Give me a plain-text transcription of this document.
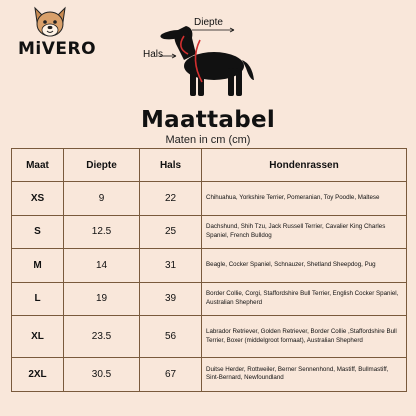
MiVERO
Diepte
Hals
Maattabel
Maten in cm (cm)
Maat	Diepte	Hals	Hondenrassen
XS	9	22	Chihuahua, Yorkshire Terrier, Pomeranian, Toy Poodle, Maltese
S	12.5	25	Dachshund, Shih Tzu, Jack Russell Terrier, Cavalier King Charles Spaniel, French Bulldog
M	14	31	Beagle, Cocker Spaniel, Schnauzer, Shetland Sheepdog, Pug
L	19	39	Border Collie, Corgi, Staffordshire Bull Terrier, English Cocker Spaniel, Australian Shepherd
XL	23.5	56	Labrador Retriever, Golden Retriever, Border Collie ,Staffordshire Bull Terrier, Boxer (middelgroot formaat), Australian Shepherd
2XL	30.5	67	Duitse Herder, Rottweiler, Berner Sennenhond, Mastiff, Bullmastiff, Sint-Bernard, Newfoundland
